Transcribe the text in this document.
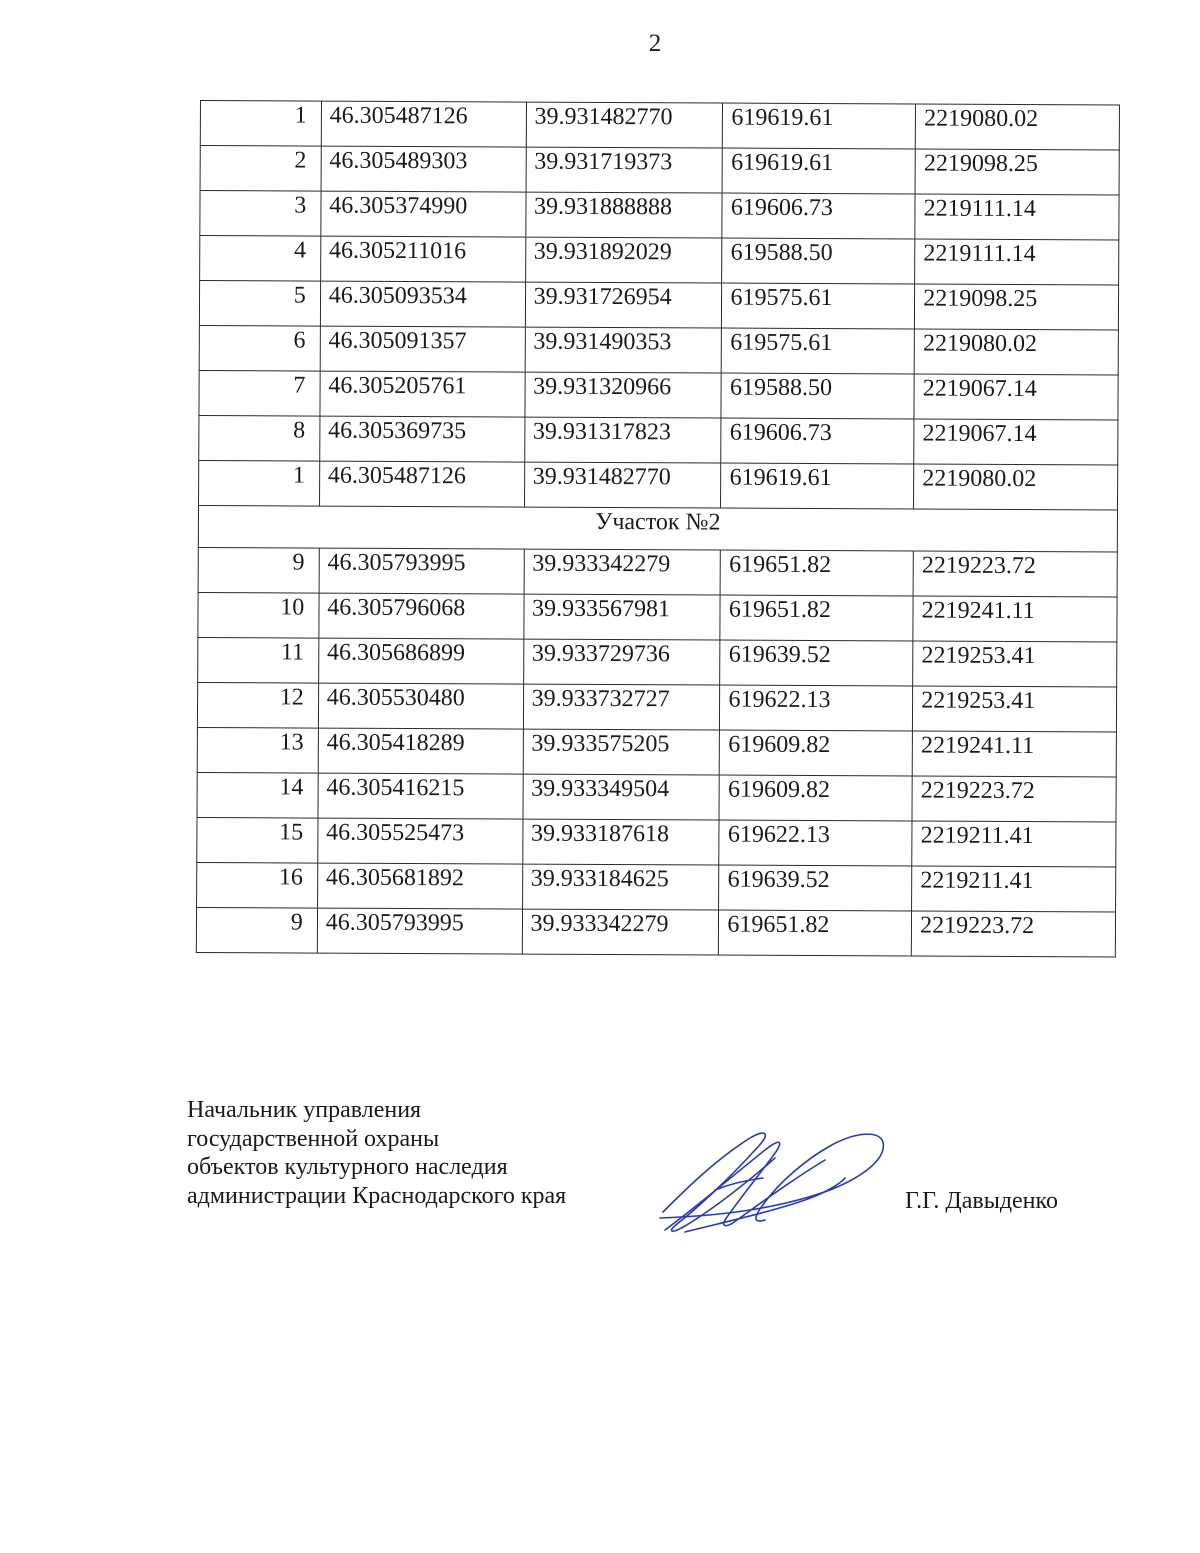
2
1	46.305487126	39.931482770	619619.61	2219080.02
2	46.305489303	39.931719373	619619.61	2219098.25
3	46.305374990	39.931888888	619606.73	2219111.14
4	46.305211016	39.931892029	619588.50	2219111.14
5	46.305093534	39.931726954	619575.61	2219098.25
6	46.305091357	39.931490353	619575.61	2219080.02
7	46.305205761	39.931320966	619588.50	2219067.14
8	46.305369735	39.931317823	619606.73	2219067.14
1	46.305487126	39.931482770	619619.61	2219080.02
Участок №2				
9	46.305793995	39.933342279	619651.82	2219223.72
10	46.305796068	39.933567981	619651.82	2219241.11
11	46.305686899	39.933729736	619639.52	2219253.41
12	46.305530480	39.933732727	619622.13	2219253.41
13	46.305418289	39.933575205	619609.82	2219241.11
14	46.305416215	39.933349504	619609.82	2219223.72
15	46.305525473	39.933187618	619622.13	2219211.41
16	46.305681892	39.933184625	619639.52	2219211.41
9	46.305793995	39.933342279	619651.82	2219223.72
Начальник управления
государственной охраны
объектов культурного наследия
администрации Краснодарского края	Г.Г. Давыденко
